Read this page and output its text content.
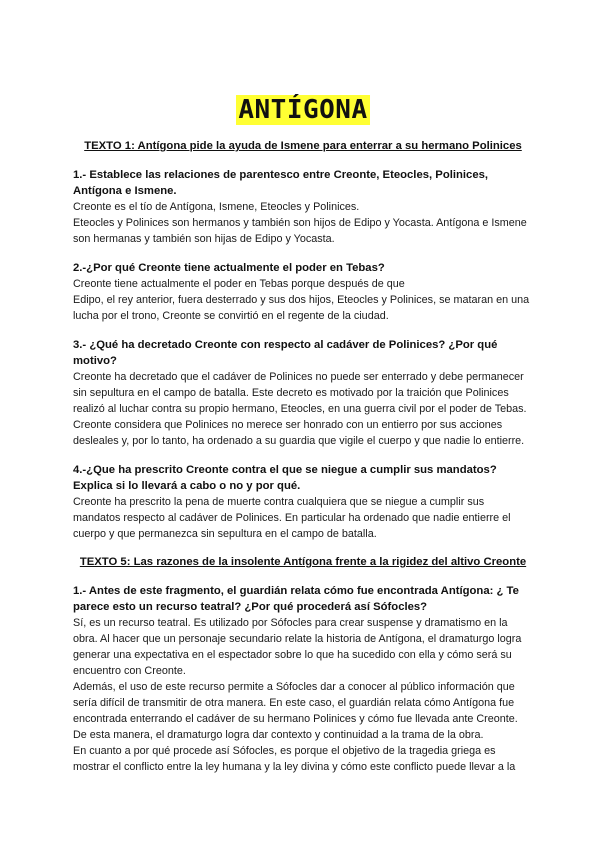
ANTÍGONA

TEXTO 1: Antígona pide la ayuda de Ismene para enterrar a su hermano Polinices

1.- Establece las relaciones de parentesco entre Creonte, Eteocles, Polinices, Antígona e Ismene.

Creonte es el tío de Antígona, Ismene, Eteocles y Polinices.

Eteocles y Polinices son hermanos y también son hijos de Edipo y Yocasta. Antígona e Ismene son hermanas y también son hijas de Edipo y Yocasta.

2.-¿Por qué Creonte tiene actualmente el poder en Tebas?

Creonte tiene actualmente el poder en Tebas porque después de que

Edipo, el rey anterior, fuera desterrado y sus dos hijos, Eteocles y Polinices, se mataran en una lucha por el trono, Creonte se convirtió en el regente de la ciudad.

3.- ¿Qué ha decretado Creonte con respecto al cadáver de Polinices? ¿Por qué motivo?

Creonte ha decretado que el cadáver de Polinices no puede ser enterrado y debe permanecer sin sepultura en el campo de batalla. Este decreto es motivado por la traición que Polinices realizó al luchar contra su propio hermano, Eteocles, en una guerra civil por el poder de Tebas. Creonte considera que Polinices no merece ser honrado con un entierro por sus acciones desleales y, por lo tanto, ha ordenado a su guardia que vigile el cuerpo y que nadie lo entierre.

4.-¿Que ha prescrito Creonte contra el que se niegue a cumplir sus mandatos? Explica si lo llevará a cabo o no y por qué.

Creonte ha prescrito la pena de muerte contra cualquiera que se niegue a cumplir sus mandatos respecto al cadáver de Polinices. En particular ha ordenado que nadie entierre el cuerpo y que permanezca sin sepultura en el campo de batalla.

TEXTO 5: Las razones de la insolente Antígona frente a la rigidez del altivo Creonte

1.- Antes de este fragmento, el guardián relata cómo fue encontrada Antígona: ¿ Te parece esto un recurso teatral? ¿Por qué procederá así Sófocles?

Sí, es un recurso teatral. Es utilizado por Sófocles para crear suspense y dramatismo en la obra. Al hacer que un personaje secundario relate la historia de Antígona, el dramaturgo logra generar una expectativa en el espectador sobre lo que ha sucedido con ella y cómo será su encuentro con Creonte.

Además, el uso de este recurso permite a Sófocles dar a conocer al público información que sería difícil de transmitir de otra manera. En este caso, el guardián relata cómo Antígona fue encontrada enterrando el cadáver de su hermano Polinices y cómo fue llevada ante Creonte. De esta manera, el dramaturgo logra dar contexto y continuidad a la trama de la obra.

En cuanto a por qué procede así Sófocles, es porque el objetivo de la tragedia griega es mostrar el conflicto entre la ley humana y la ley divina y cómo este conflicto puede llevar a la
